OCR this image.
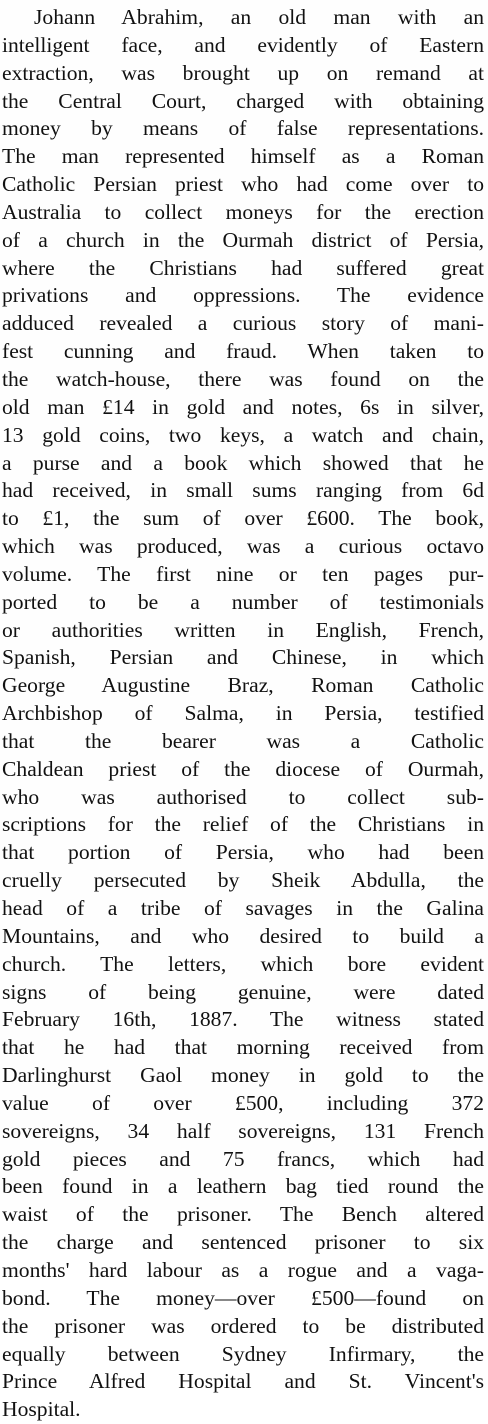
Johann Abrahim, an old man with an
intelligent face, and evidently of Eastern
extraction, was brought up on remand at
the Central Court, charged with obtaining
money by means of false representations.
The man represented himself as a Roman
Catholic Persian priest who had come over to
Australia to collect moneys for the erection
of a church in the Ourmah district of Persia,
where the Christians had suffered great
privations and oppressions. The evidence
adduced revealed a curious story of mani-
fest cunning and fraud. When taken to
the watch-house, there was found on the
old man £14 in gold and notes, 6s in silver,
13 gold coins, two keys, a watch and chain,
a purse and a book which showed that he
had received, in small sums ranging from 6d
to £1, the sum of over £600. The book,
which was produced, was a curious octavo
volume. The first nine or ten pages pur-
ported to be a number of testimonials
or authorities written in English, French,
Spanish, Persian and Chinese, in which
George Augustine Braz, Roman Catholic
Archbishop of Salma, in Persia, testified
that the bearer was a Catholic
Chaldean priest of the diocese of Ourmah,
who was authorised to collect sub-
scriptions for the relief of the Christians in
that portion of Persia, who had been
cruelly persecuted by Sheik Abdulla, the
head of a tribe of savages in the Galina
Mountains, and who desired to build a
church. The letters, which bore evident
signs of being genuine, were dated
February 16th, 1887. The witness stated
that he had that morning received from
Darlinghurst Gaol money in gold to the
value of over £500, including 372
sovereigns, 34 half sovereigns, 131 French
gold pieces and 75 francs, which had
been found in a leathern bag tied round the
waist of the prisoner. The Bench altered
the charge and sentenced prisoner to six
months' hard labour as a rogue and a vaga-
bond. The money—over £500—found on
the prisoner was ordered to be distributed
equally between Sydney Infirmary, the
Prince Alfred Hospital and St. Vincent's
Hospital.
